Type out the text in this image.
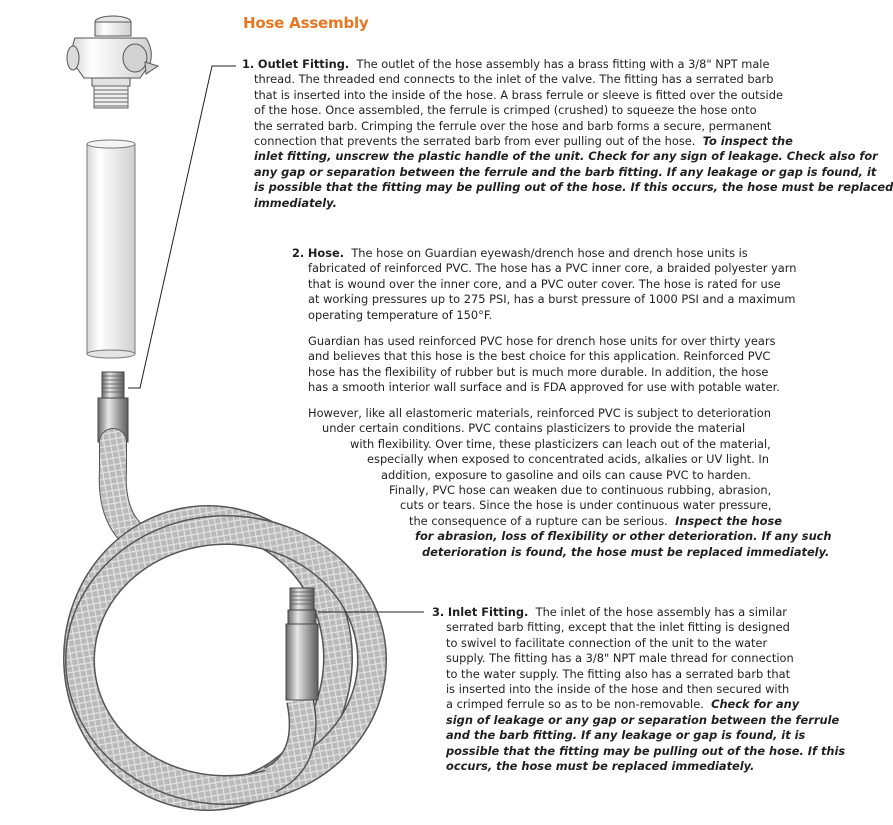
Hose Assembly
1. Outlet Fitting. The outlet of the hose assembly has a brass fitting with a 3/8" NPT male
thread. The threaded end connects to the inlet of the valve. The fitting has a serrated barb
that is inserted into the inside of the hose. A brass ferrule or sleeve is fitted over the outside
of the hose. Once assembled, the ferrule is crimped (crushed) to squeeze the hose onto
the serrated barb. Crimping the ferrule over the hose and barb forms a secure, permanent
connection that prevents the serrated barb from ever pulling out of the hose. To inspect the
inlet fitting, unscrew the plastic handle of the unit. Check for any sign of leakage. Check also for
any gap or separation between the ferrule and the barb fitting. If any leakage or gap is found, it
is possible that the fitting may be pulling out of the hose. If this occurs, the hose must be replaced
immediately.
2. Hose. The hose on Guardian eyewash/drench hose and drench hose units is
fabricated of reinforced PVC. The hose has a PVC inner core, a braided polyester yarn
that is wound over the inner core, and a PVC outer cover. The hose is rated for use
at working pressures up to 275 PSI, has a burst pressure of 1000 PSI and a maximum
operating temperature of 150°F.
Guardian has used reinforced PVC hose for drench hose units for over thirty years
and believes that this hose is the best choice for this application. Reinforced PVC
hose has the flexibility of rubber but is much more durable. In addition, the hose
has a smooth interior wall surface and is FDA approved for use with potable water.
However, like all elastomeric materials, reinforced PVC is subject to deterioration
under certain conditions. PVC contains plasticizers to provide the material
with flexibility. Over time, these plasticizers can leach out of the material,
especially when exposed to concentrated acids, alkalies or UV light. In
addition, exposure to gasoline and oils can cause PVC to harden.
Finally, PVC hose can weaken due to continuous rubbing, abrasion,
cuts or tears. Since the hose is under continuous water pressure,
the consequence of a rupture can be serious. Inspect the hose
for abrasion, loss of flexibility or other deterioration. If any such
deterioration is found, the hose must be replaced immediately.
3. Inlet Fitting. The inlet of the hose assembly has a similar
serrated barb fitting, except that the inlet fitting is designed
to swivel to facilitate connection of the unit to the water
supply. The fitting has a 3/8" NPT male thread for connection
to the water supply. The fitting also has a serrated barb that
is inserted into the inside of the hose and then secured with
a crimped ferrule so as to be non-removable. Check for any
sign of leakage or any gap or separation between the ferrule
and the barb fitting. If any leakage or gap is found, it is
possible that the fitting may be pulling out of the hose. If this
occurs, the hose must be replaced immediately.
